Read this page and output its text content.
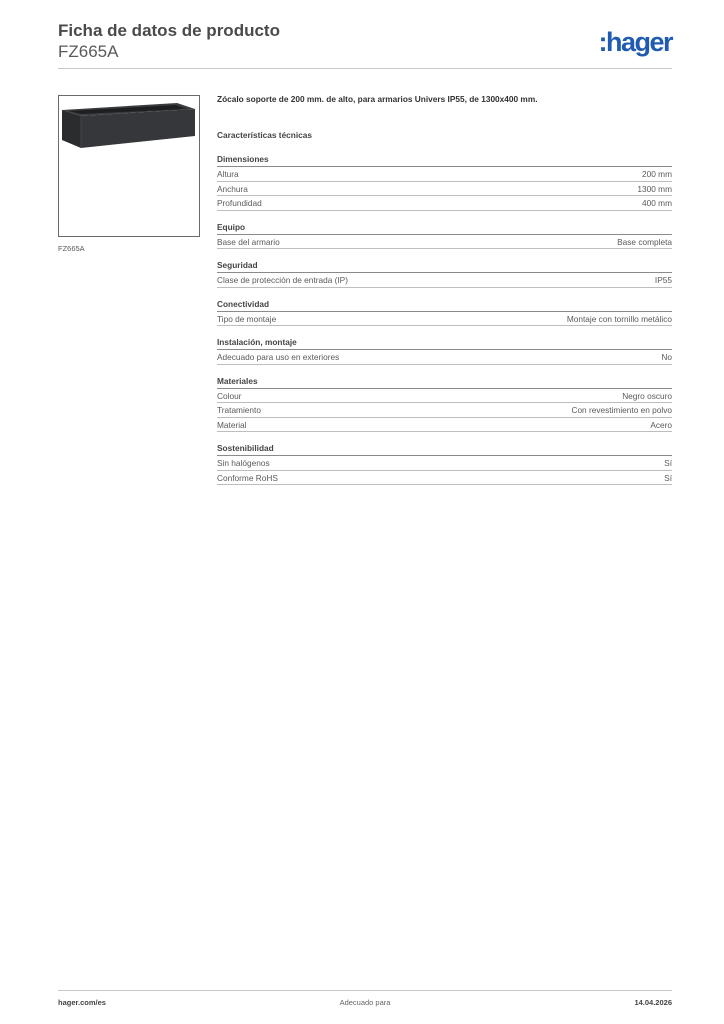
Ficha de datos de producto
FZ665A	:hager
FZ665A
Zócalo soporte de 200 mm. de alto, para armarios Univers IP55, de 1300x400 mm.
Características técnicas
Dimensiones
Altura	200 mm
Anchura	1300 mm
Profundidad	400 mm
Equipo
Base del armario	Base completa
Seguridad
Clase de protección de entrada (IP)	IP55
Conectividad
Tipo de montaje	Montaje con tornillo metálico
Instalación, montaje
Adecuado para uso en exteriores	No
Materiales
Colour	Negro oscuro
Tratamiento	Con revestimiento en polvo
Material	Acero
Sostenibilidad
Sin halógenos	Sí
Conforme RoHS	Sí
hager.com/es	Adecuado para	14.04.2026
